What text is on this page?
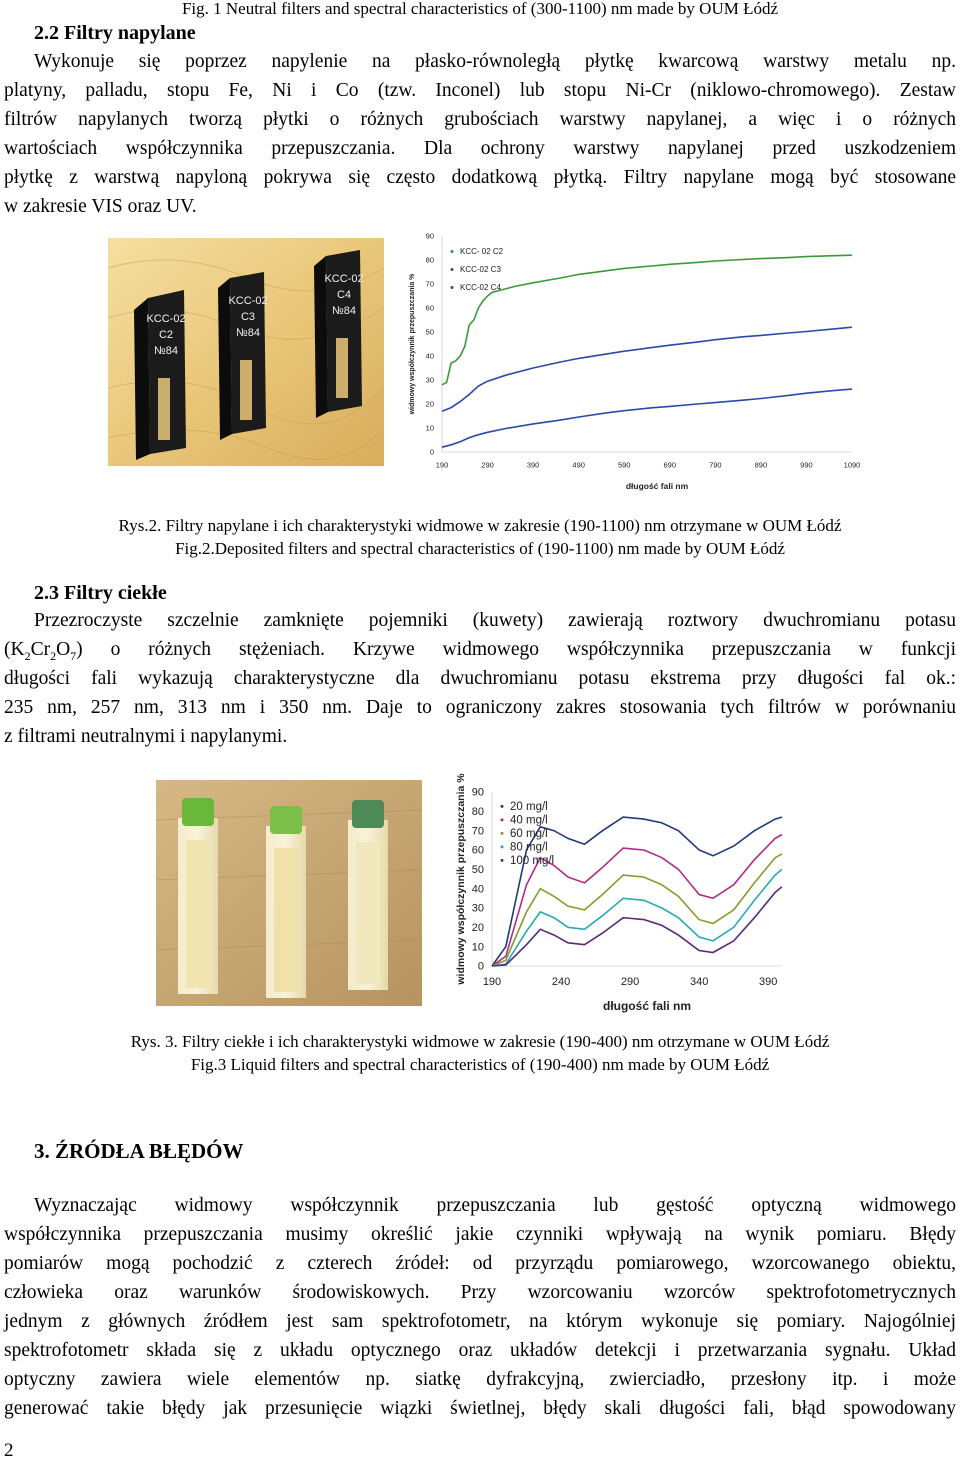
Fig. 1 Neutral filters and spectral characteristics of (300-1100) nm made by OUM Łódź
2.2 Filtry napylane
Wykonuje się poprzez napylenie na płasko-równoległą płytkę kwarcową warstwy metalu np.
platyny, palladu, stopu Fe, Ni i Co (tzw. Inconel) lub stopu Ni-Cr (niklowo-chromowego). Zestaw
filtrów napylanych tworzą płytki o różnych grubościach warstwy napylanej, a więc i o różnych
wartościach współczynnika przepuszczania. Dla ochrony warstwy napylanej przed uszkodzeniem
płytkę z warstwą napyloną pokrywa się często dodatkową płytką. Filtry napylane mogą być stosowane
w zakresie VIS oraz UV.
KCC-02
C2
№84
KCC-02
C3
№84
KCC-02
C4
№84
0
10
20
30
40
50
60
70
80
90
190	290	390	490	590	690	790	890	990	1090
długość fali nm
widmowy współczynnik przepuszczania %
KCC- 02 C2
KCC-02 C3
KCC-02 C4
Rys.2. Filtry napylane i ich charakterystyki widmowe w zakresie (190-1100) nm otrzymane w OUM Łódź
Fig.2.Deposited filters and spectral characteristics of (190-1100) nm made by OUM Łódź
2.3 Filtry ciekłe
Przezroczyste szczelnie zamknięte pojemniki (kuwety) zawierają roztwory dwuchromianu potasu
$(K_2Cr_2O_7)$ o różnych stężeniach. Krzywe widmowego współczynnika przepuszczania w funkcji
długości fali wykazują charakterystyczne dla dwuchromianu potasu ekstrema przy długości fal ok.:
235 nm, 257 nm, 313 nm i 350 nm. Daje to ograniczony zakres stosowania tych filtrów w porównaniu
z filtrami neutralnymi i napylanymi.
0
10
20
30
40
50
60
70
80
90
190	240	290	340	390
długość fali nm
widmowy współczynnik przepuszczania %	20 mg/l
40 mg/l
60 mg/l
80 mg/l
100 mg/l
Rys. 3. Filtry ciekłe i ich charakterystyki widmowe w zakresie (190-400) nm otrzymane w OUM Łódź
Fig.3 Liquid filters and spectral characteristics of (190-400) nm made by OUM Łódź
3. ŹRÓDŁA BŁĘDÓW
Wyznaczając widmowy współczynnik przepuszczania lub gęstość optyczną widmowego
współczynnika przepuszczania musimy określić jakie czynniki wpływają na wynik pomiaru. Błędy
pomiarów mogą pochodzić z czterech źródeł: od przyrządu pomiarowego, wzorcowanego obiektu,
człowieka oraz warunków środowiskowych. Przy wzorcowaniu wzorców spektrofotometrycznych
jednym z głównych źródłem jest sam spektrofotometr, na którym wykonuje się pomiary. Najogólniej
spektrofotometr składa się z układu optycznego oraz układów detekcji i przetwarzania sygnału. Układ
optyczny zawiera wiele elementów np. siatkę dyfrakcyjną, zwierciadło, przesłony itp. i może
generować takie błędy jak przesunięcie wiązki świetlnej, błędy skali długości fali, błąd spowodowany
2
